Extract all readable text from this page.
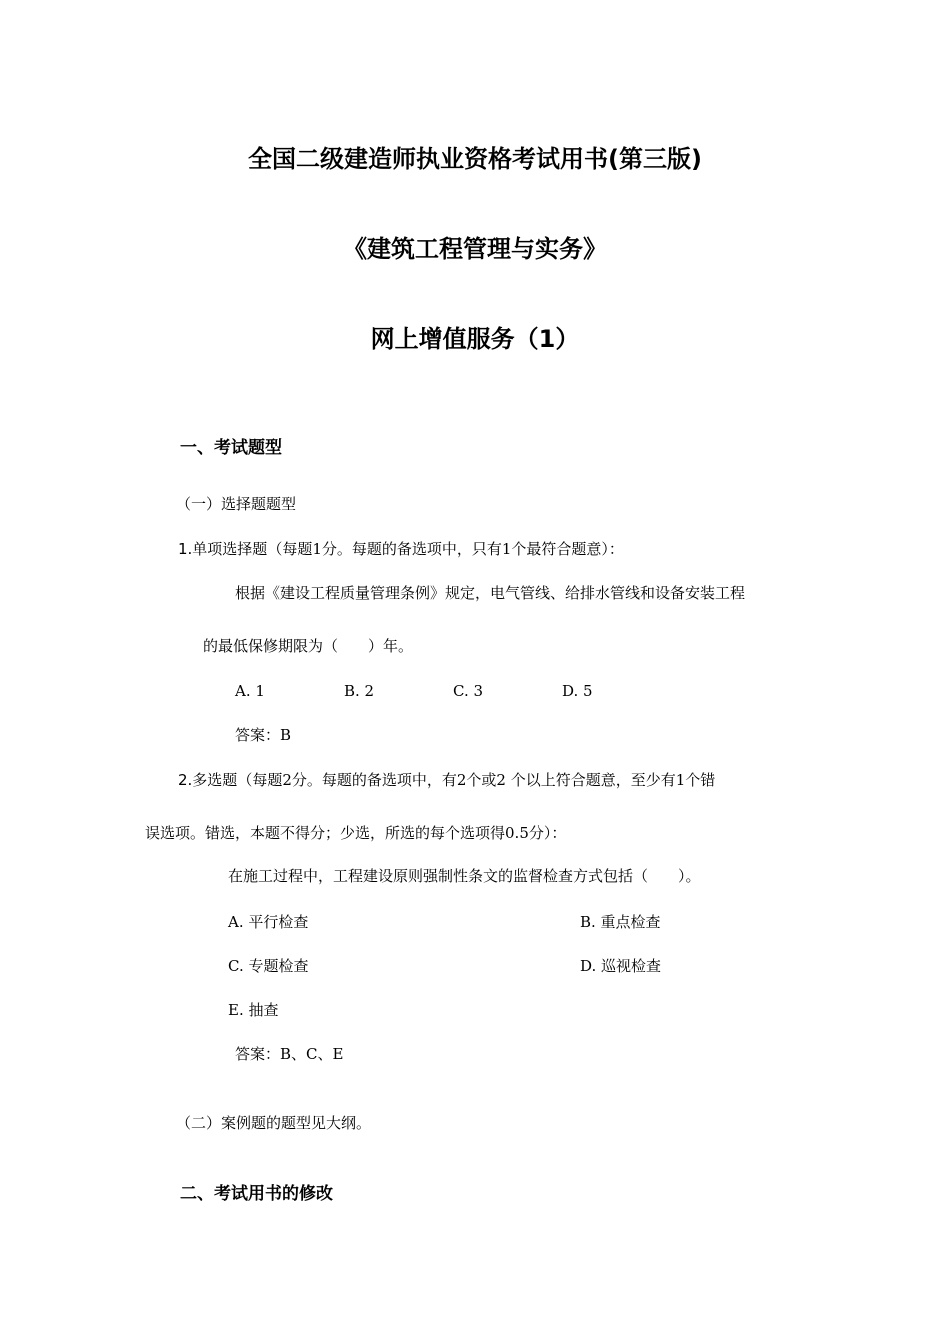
全国二级建造师执业资格考试用书(第三版)
《建筑工程管理与实务》
网上增值服务（1）
一、考试题型
（一）选择题题型
1.单项选择题（每题1分。每题的备选项中，只有1个最符合题意）：
根据《建设工程质量管理条例》规定，电气管线、给排水管线和设备安装工程
的最低保修期限为（　　）年。
A. 1	B. 2	C. 3	D. 5
答案：B
2.多选题（每题2分。每题的备选项中，有2个或2 个以上符合题意，至少有1个错
误选项。错选，本题不得分；少选，所选的每个选项得0.5分）：
在施工过程中，工程建设原则强制性条文的监督检查方式包括（　　）。
A. 平行检查	B. 重点检查
C. 专题检查	D. 巡视检查
E. 抽查
答案：B、C、E
（二）案例题的题型见大纲。
二、考试用书的修改
